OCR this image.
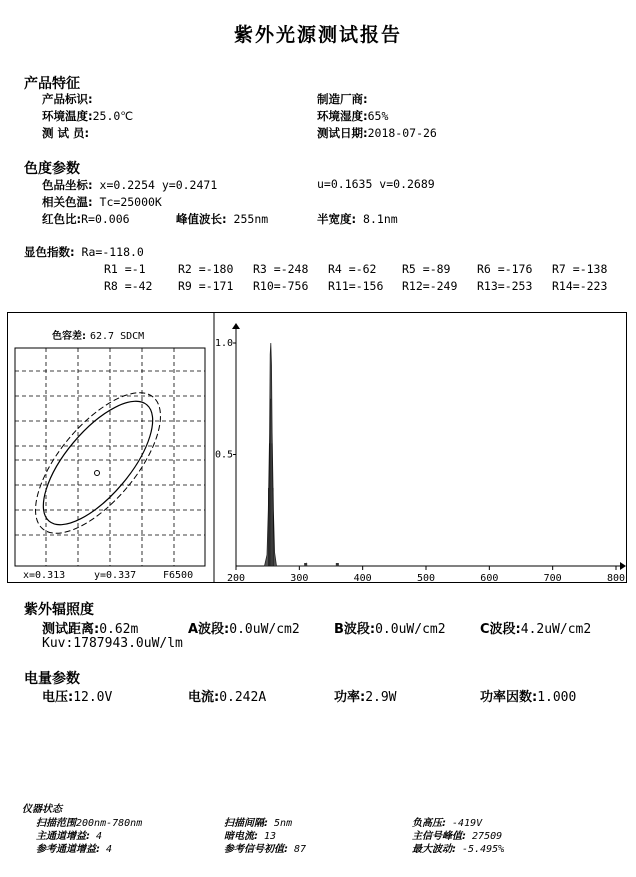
紫外光源测试报告
产品特征
产品标识:	制造厂商:
环境温度:25.0℃	环境湿度:65%
测 试 员:	测试日期:2018-07-26
色度参数
色品坐标: x=0.2254 y=0.2471	u=0.1635 v=0.2689
相关色温: Tc=25000K
红色比:R=0.006	峰值波长: 255nm	半宽度: 8.1nm
显色指数: Ra=-118.0
R1 =-1	R2 =-180 R3 =-248 R4 =-62 R5 =-89 R6 =-176 R7 =-138
R8 =-42 R9 =-171 R10=-756 R11=-156 R12=-249 R13=-253 R14=-223
色容差: 62.7 SDCM
x=0.313	y=0.337	F6500	200	300	400	500	600	700	800
0.5
1.0
紫外辐照度
测试距离:0.62m	A波段:0.0uW/cm2	B波段:0.0uW/cm2	C波段:4.2uW/cm2
Kuv:1787943.0uW/lm
电量参数
电压:12.0V	电流:0.242A	功率:2.9W	功率因数:1.000
仪器状态
扫描范围200nm-780nm	扫描间隔: 5nm	负高压: -419V
主通道增益: 4	暗电流: 13	主信号峰值: 27509
参考通道增益: 4	参考信号初值: 87	最大波动: -5.495%
